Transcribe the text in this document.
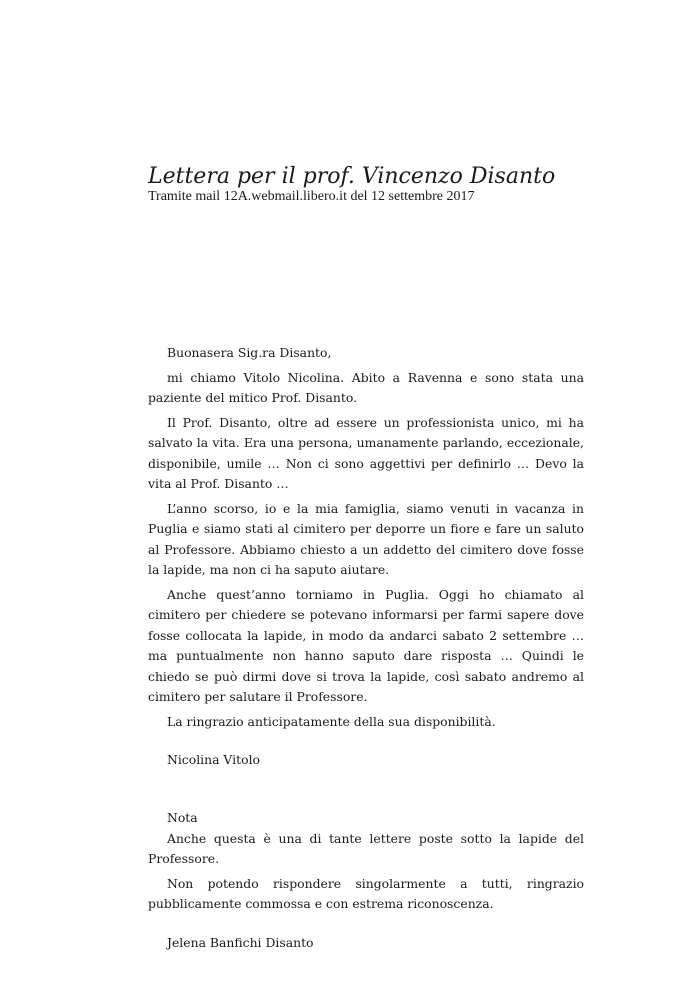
Lettera per il prof. Vincenzo Disanto
Tramite mail 12A.webmail.libero.it del 12 settembre 2017

Buonasera Sig.ra Disanto,

mi chiamo Vitolo Nicolina. Abito a Ravenna e sono stata una paziente del mitico Prof. Disanto.

Il Prof. Disanto, oltre ad essere un professionista unico, mi ha salvato la vita. Era una persona, umanamente parlando, eccezionale, disponibile, umile … Non ci sono aggettivi per definirlo … Devo la vita al Prof. Disanto …

L’anno scorso, io e la mia famiglia, siamo venuti in vacanza in Puglia e siamo stati al cimitero per deporre un fiore e fare un saluto al Professore. Abbiamo chiesto a un addetto del cimitero dove fosse la lapide, ma non ci ha saputo aiutare.

Anche quest’anno torniamo in Puglia. Oggi ho chiamato al cimitero per chiedere se potevano informarsi per farmi sapere dove fosse collocata la lapide, in modo da andarci sabato 2 settembre … ma puntualmente non hanno saputo dare risposta … Quindi le chiedo se può dirmi dove si trova la lapide, così sabato andremo al cimitero per salutare il Professore.

La ringrazio anticipatamente della sua disponibilità.

Nicolina Vitolo

Nota

Anche questa è una di tante lettere poste sotto la lapide del Professore.

Non potendo rispondere singolarmente a tutti, ringrazio pubblicamente commossa e con estrema riconoscenza.

Jelena Banfichi Disanto
